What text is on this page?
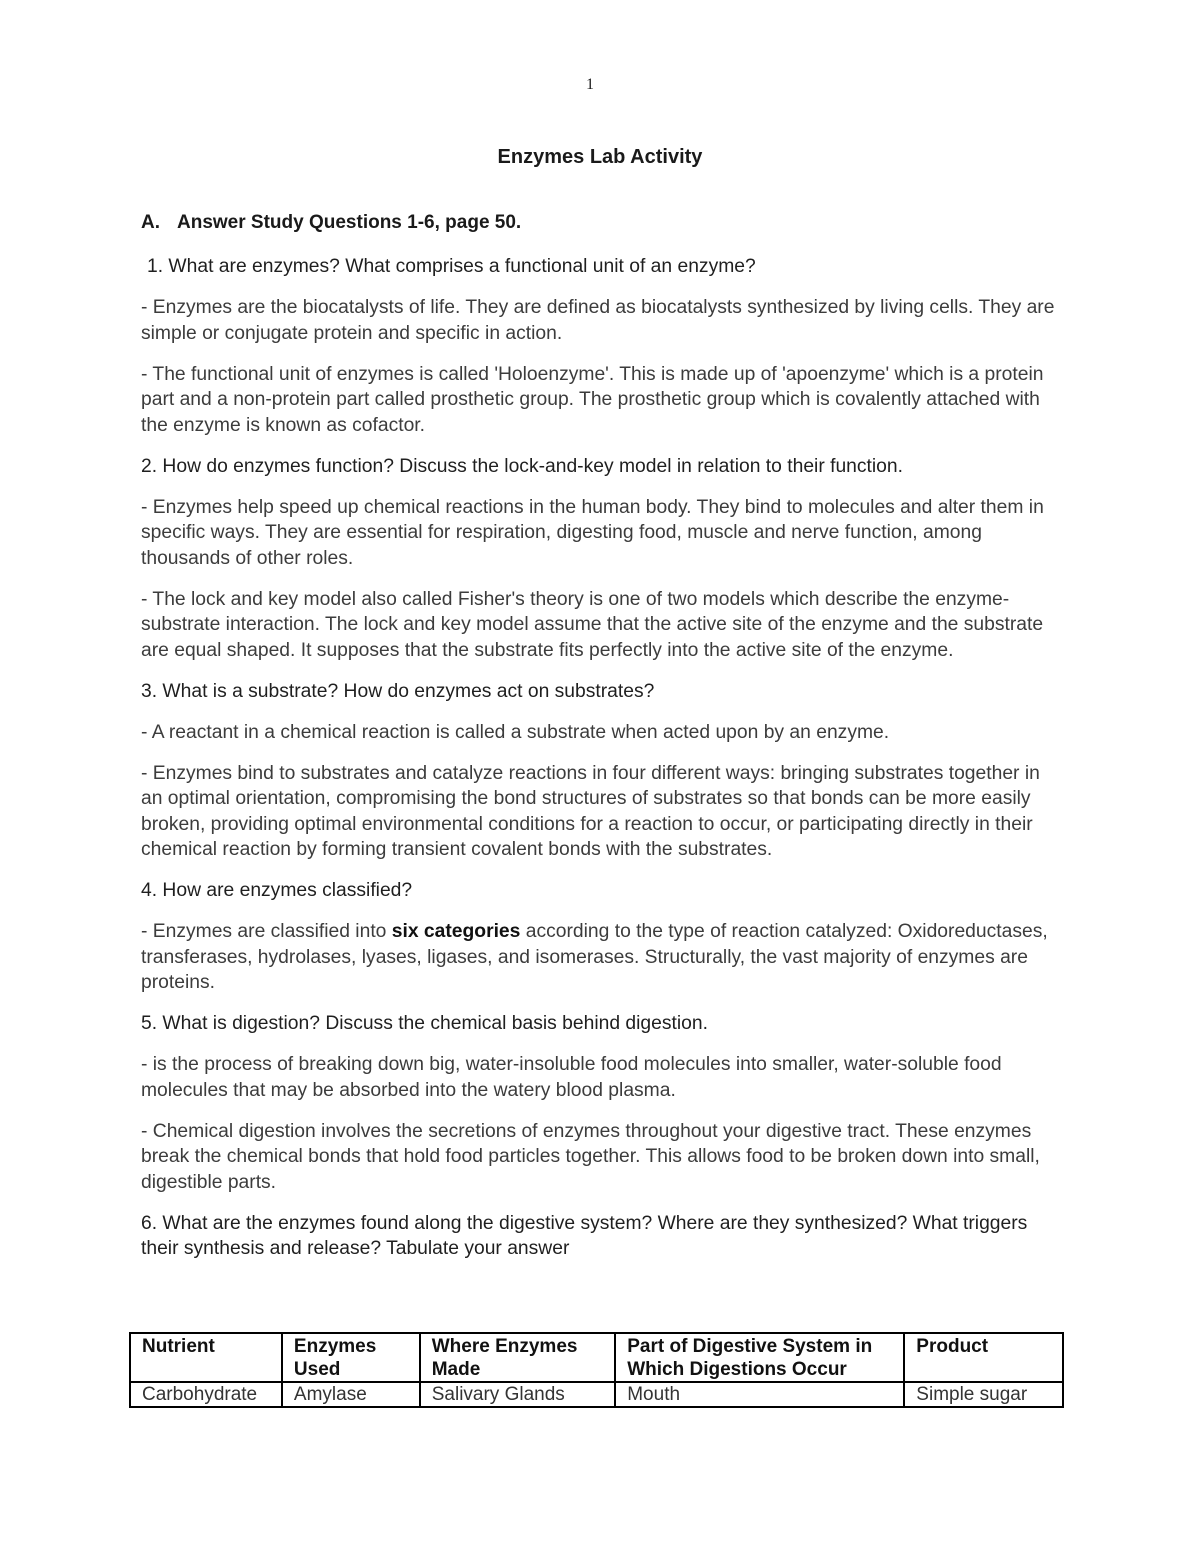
1
Enzymes Lab Activity
A. Answer Study Questions 1-6, page 50.

1. What are enzymes? What comprises a functional unit of an enzyme?

- Enzymes are the biocatalysts of life. They are defined as biocatalysts synthesized by living cells. They are simple or conjugate protein and specific in action.

- The functional unit of enzymes is called 'Holoenzyme'. This is made up of 'apoenzyme' which is a protein part and a non-protein part called prosthetic group. The prosthetic group which is covalently attached with the enzyme is known as cofactor.

2. How do enzymes function? Discuss the lock-and-key model in relation to their function.

- Enzymes help speed up chemical reactions in the human body. They bind to molecules and alter them in specific ways. They are essential for respiration, digesting food, muscle and nerve function, among thousands of other roles.

- The lock and key model also called Fisher's theory is one of two models which describe the enzyme-substrate interaction. The lock and key model assume that the active site of the enzyme and the substrate are equal shaped. It supposes that the substrate fits perfectly into the active site of the enzyme.

3. What is a substrate? How do enzymes act on substrates?

- A reactant in a chemical reaction is called a substrate when acted upon by an enzyme.

- Enzymes bind to substrates and catalyze reactions in four different ways: bringing substrates together in an optimal orientation, compromising the bond structures of substrates so that bonds can be more easily broken, providing optimal environmental conditions for a reaction to occur, or participating directly in their chemical reaction by forming transient covalent bonds with the substrates.

4. How are enzymes classified?

- Enzymes are classified into six categories according to the type of reaction catalyzed: Oxidoreductases, transferases, hydrolases, lyases, ligases, and isomerases. Structurally, the vast majority of enzymes are proteins.

5. What is digestion? Discuss the chemical basis behind digestion.

- is the process of breaking down big, water-insoluble food molecules into smaller, water-soluble food molecules that may be absorbed into the watery blood plasma.

- Chemical digestion involves the secretions of enzymes throughout your digestive tract. These enzymes break the chemical bonds that hold food particles together. This allows food to be broken down into small, digestible parts.

6. What are the enzymes found along the digestive system? Where are they synthesized? What triggers their synthesis and release? Tabulate your answer

Nutrient	Enzymes Used	Where Enzymes Made	Part of Digestive System in Which Digestions Occur	Product
Carbohydrate	Amylase	Salivary Glands	Mouth	Simple sugar
